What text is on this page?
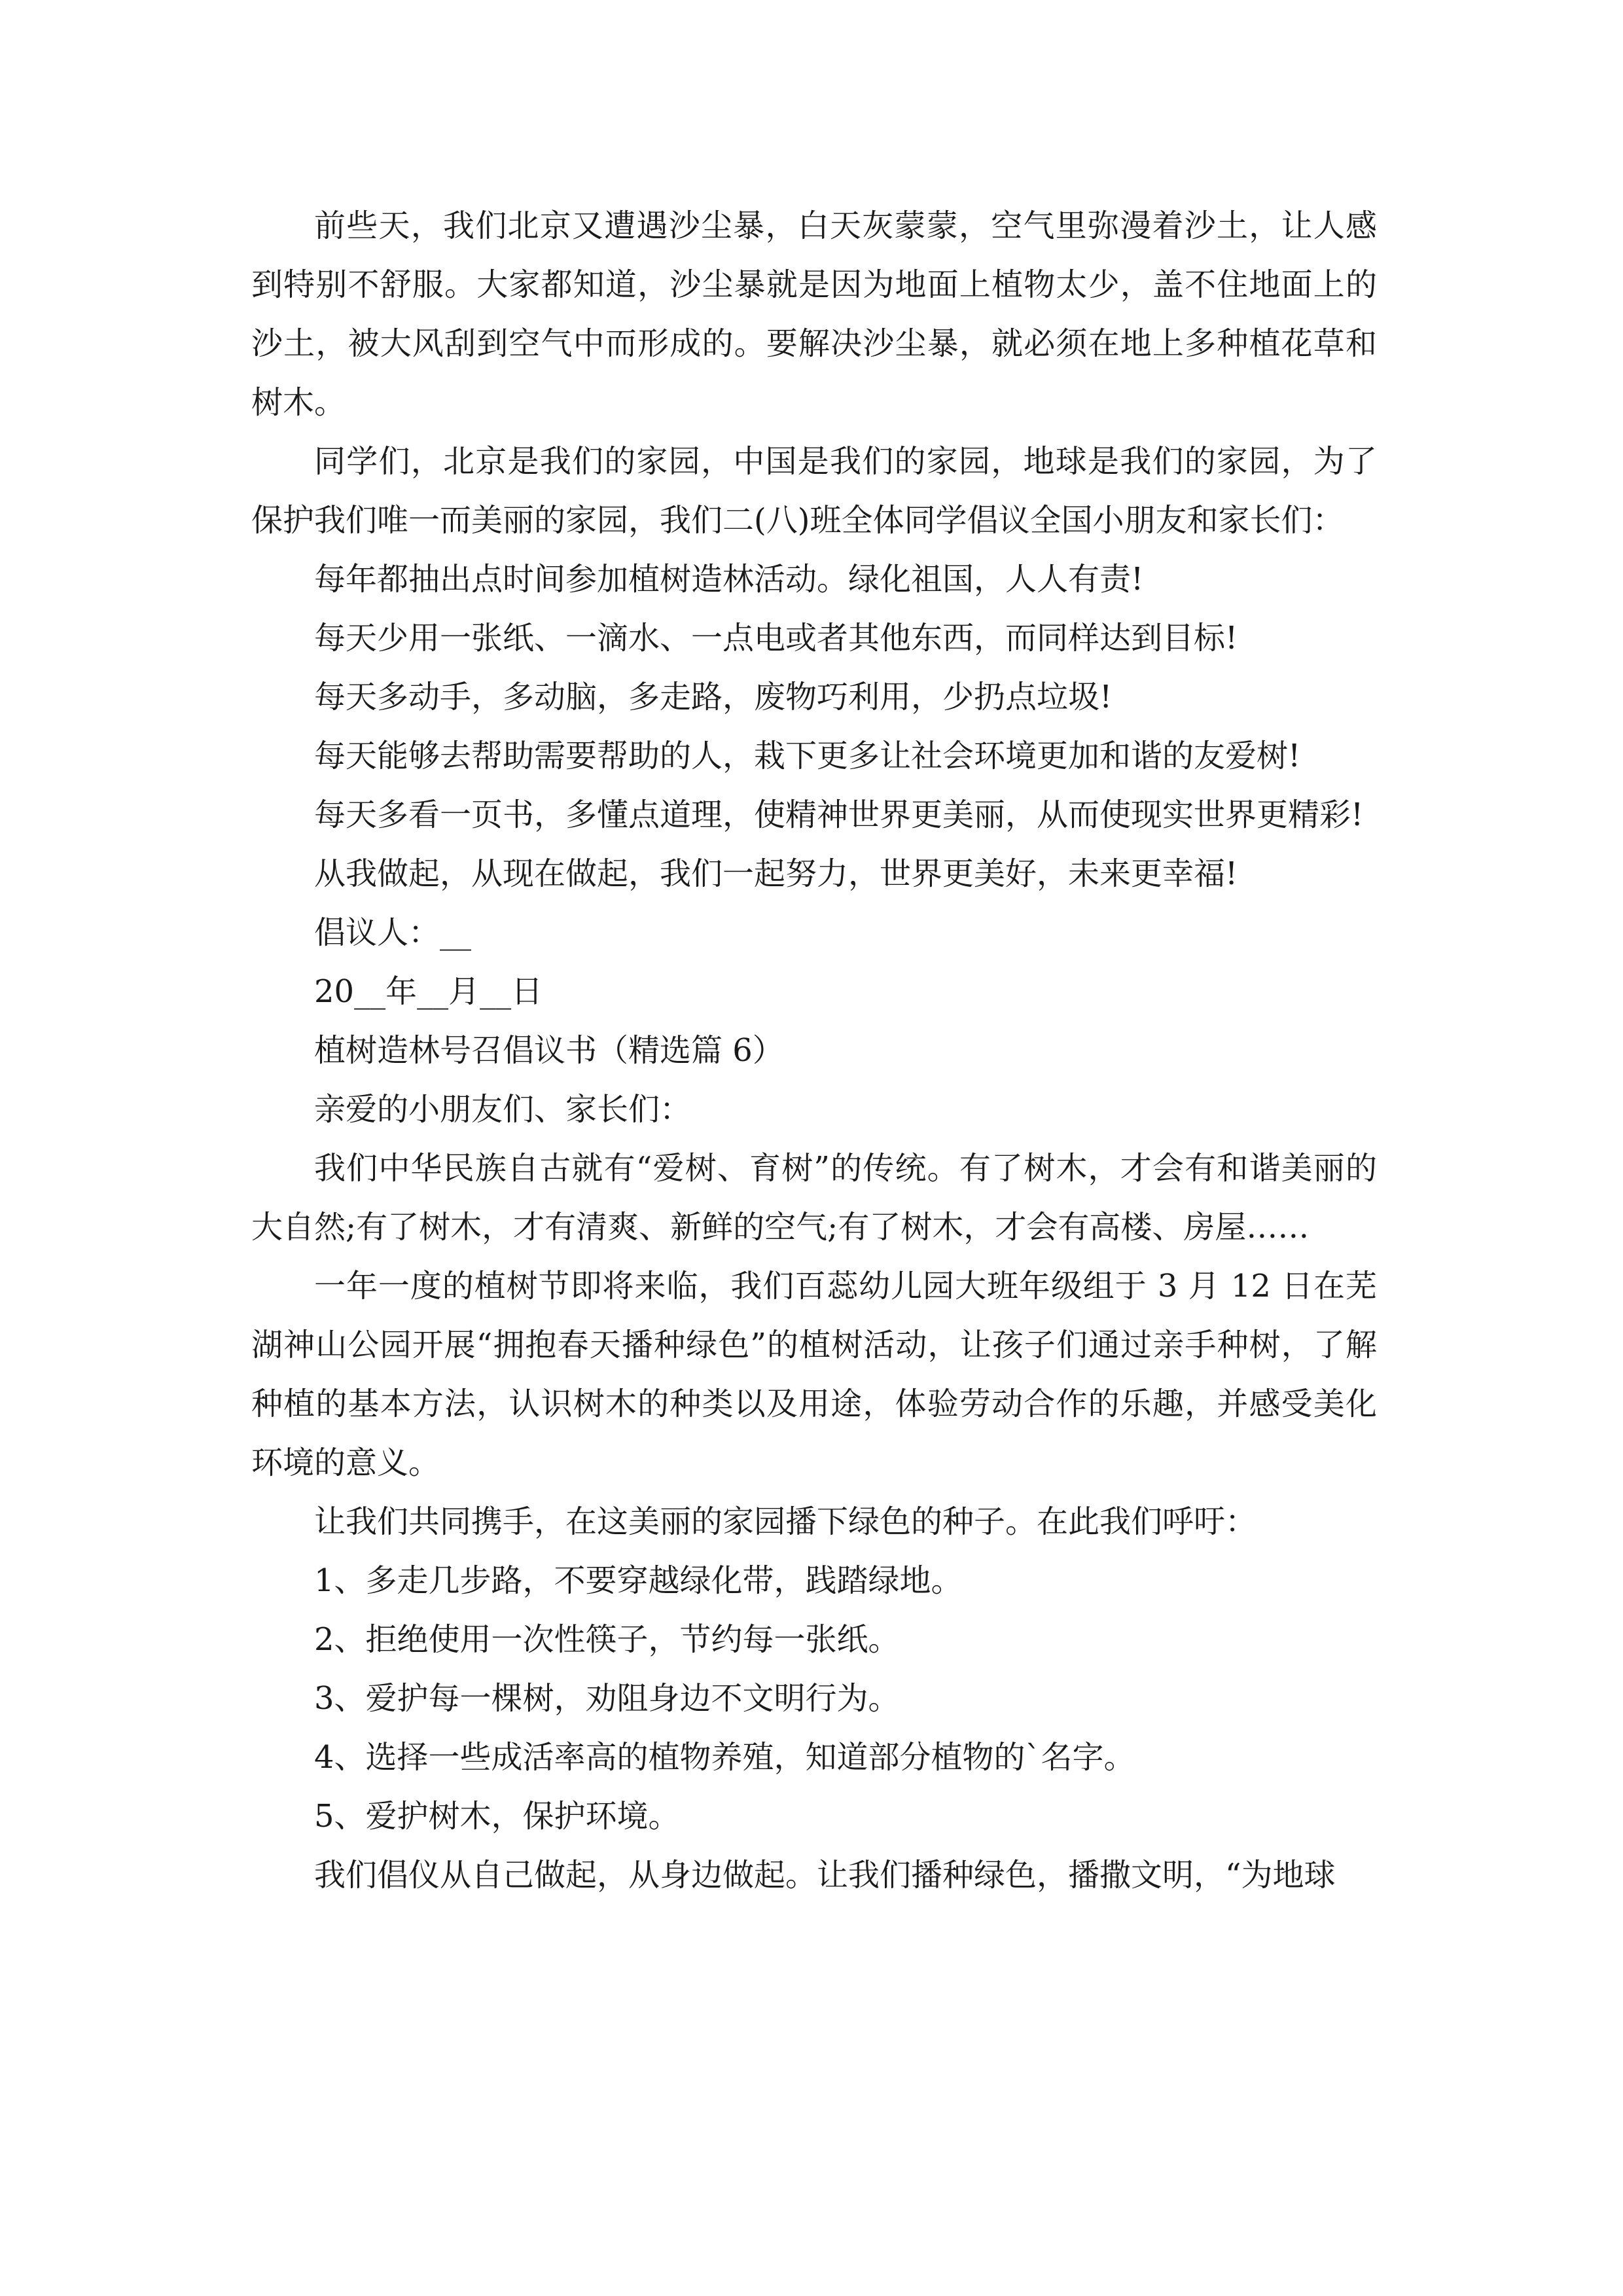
前些天，我们北京又遭遇沙尘暴，白天灰蒙蒙，空气里弥漫着沙土，让人感到特别不舒服。大家都知道，沙尘暴就是因为地面上植物太少，盖不住地面上的沙土，被大风刮到空气中而形成的。要解决沙尘暴，就必须在地上多种植花草和树木。

同学们，北京是我们的家园，中国是我们的家园，地球是我们的家园，为了保护我们唯一而美丽的家园，我们二(八)班全体同学倡议全国小朋友和家长们：

每年都抽出点时间参加植树造林活动。绿化祖国，人人有责!

每天少用一张纸、一滴水、一点电或者其他东西，而同样达到目标!

每天多动手，多动脑，多走路，废物巧利用，少扔点垃圾!

每天能够去帮助需要帮助的人，栽下更多让社会环境更加和谐的友爱树!

每天多看一页书，多懂点道理，使精神世界更美丽，从而使现实世界更精彩!

从我做起，从现在做起，我们一起努力，世界更美好，未来更幸福!

倡议人：__

20__年__月__日

植树造林号召倡议书（精选篇 6）

亲爱的小朋友们、家长们：

我们中华民族自古就有“爱树、育树”的传统。有了树木，才会有和谐美丽的大自然;有了树木，才有清爽、新鲜的空气;有了树木，才会有高楼、房屋……

一年一度的植树节即将来临，我们百蕊幼儿园大班年级组于 3 月 12 日在芜湖神山公园开展“拥抱春天播种绿色”的植树活动，让孩子们通过亲手种树，了解种植的基本方法，认识树木的种类以及用途，体验劳动合作的乐趣，并感受美化环境的意义。

让我们共同携手，在这美丽的家园播下绿色的种子。在此我们呼吁：

1、多走几步路，不要穿越绿化带，践踏绿地。

2、拒绝使用一次性筷子，节约每一张纸。

3、爱护每一棵树，劝阻身边不文明行为。

4、选择一些成活率高的植物养殖，知道部分植物的`名字。

5、爱护树木，保护环境。

我们倡仪从自己做起，从身边做起。让我们播种绿色，播撒文明，“为地球
